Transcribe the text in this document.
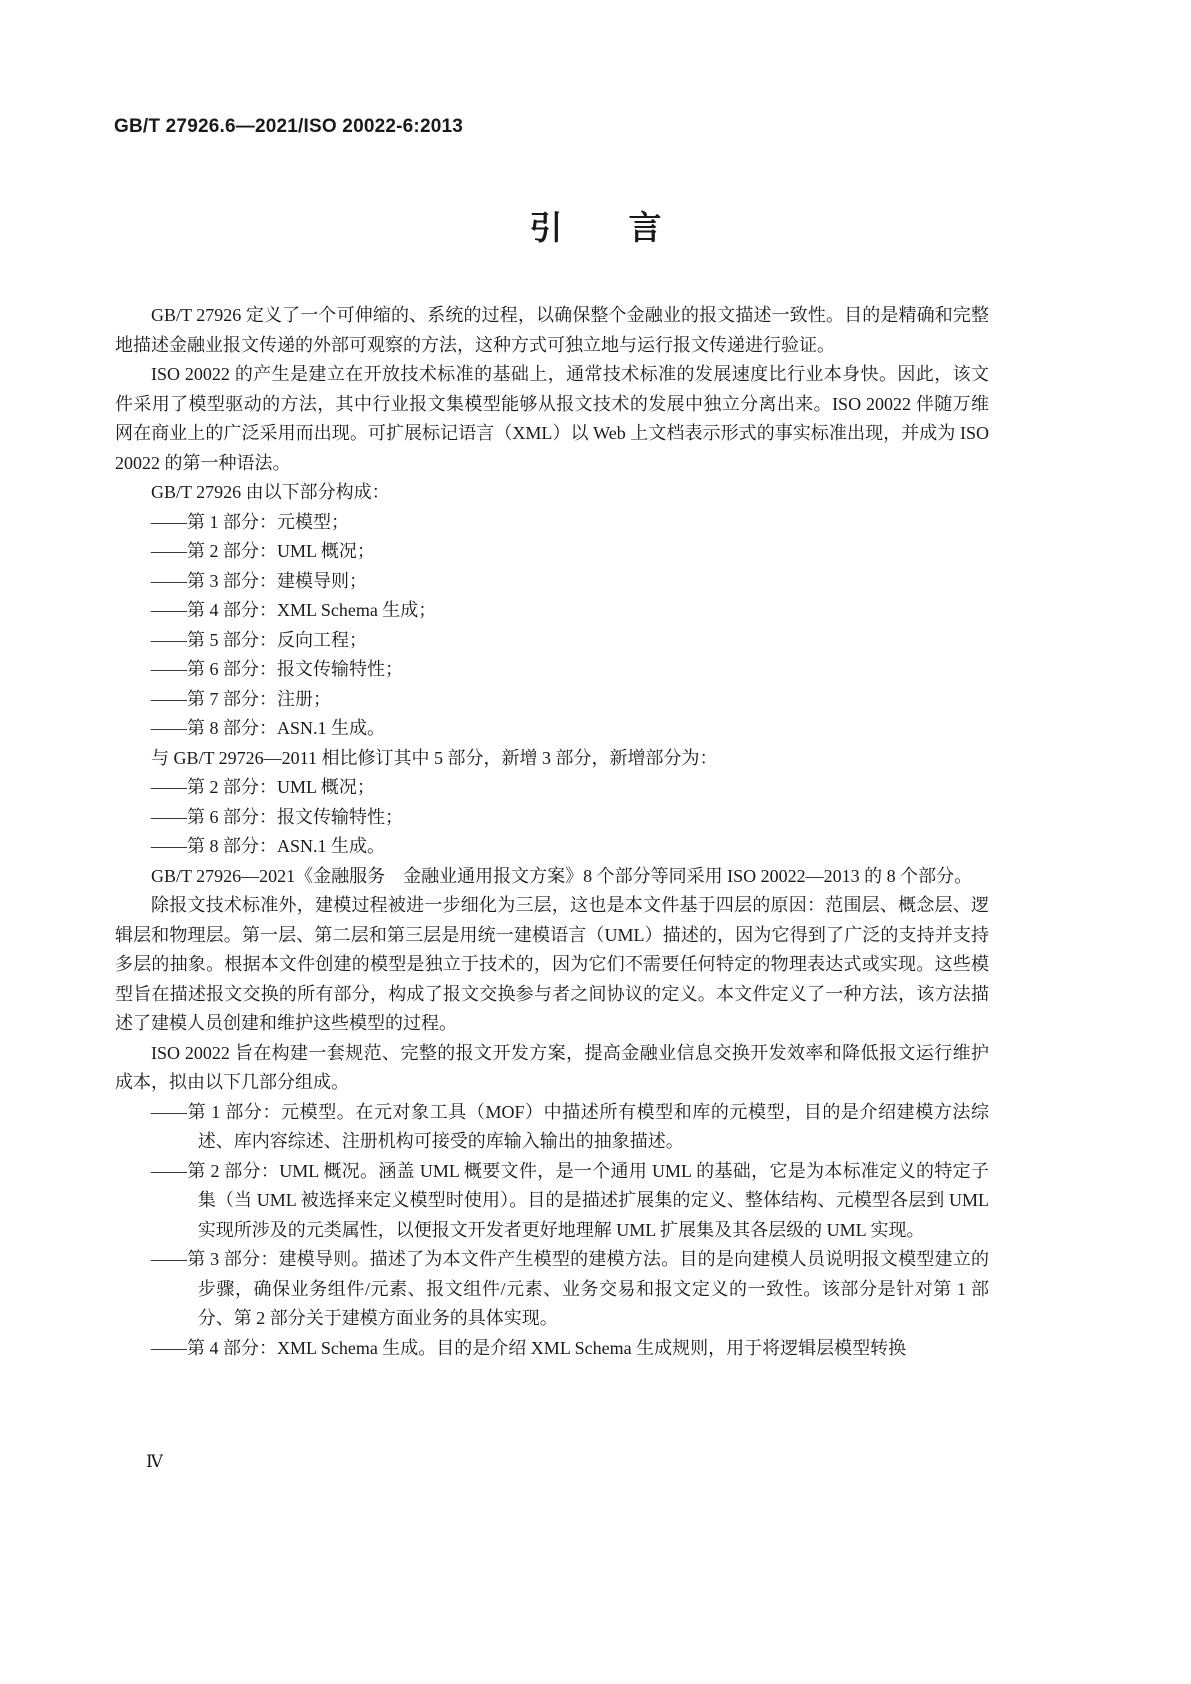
GB/T 27926.6—2021/ISO 20022-6:2013
引　　言

GB/T 27926 定义了一个可伸缩的、系统的过程，以确保整个金融业的报文描述一致性。目的是精确和完整地描述金融业报文传递的外部可观察的方法，这种方式可独立地与运行报文传递进行验证。

ISO 20022 的产生是建立在开放技术标准的基础上，通常技术标准的发展速度比行业本身快。因此，该文件采用了模型驱动的方法，其中行业报文集模型能够从报文技术的发展中独立分离出来。ISO 20022 伴随万维网在商业上的广泛采用而出现。可扩展标记语言（XML）以 Web 上文档表示形式的事实标准出现，并成为 ISO 20022 的第一种语法。

GB/T 27926 由以下部分构成：

——第 1 部分：元模型；

——第 2 部分：UML 概况；

——第 3 部分：建模导则；

——第 4 部分：XML Schema 生成；

——第 5 部分：反向工程；

——第 6 部分：报文传输特性；

——第 7 部分：注册；

——第 8 部分：ASN.1 生成。

与 GB/T 29726—2011 相比修订其中 5 部分，新增 3 部分，新增部分为：

——第 2 部分：UML 概况；

——第 6 部分：报文传输特性；

——第 8 部分：ASN.1 生成。

GB/T 27926—2021《金融服务　金融业通用报文方案》8 个部分等同采用 ISO 20022—2013 的 8 个部分。

除报文技术标准外，建模过程被进一步细化为三层，这也是本文件基于四层的原因：范围层、概念层、逻辑层和物理层。第一层、第二层和第三层是用统一建模语言（UML）描述的，因为它得到了广泛的支持并支持多层的抽象。根据本文件创建的模型是独立于技术的，因为它们不需要任何特定的物理表达式或实现。这些模型旨在描述报文交换的所有部分，构成了报文交换参与者之间协议的定义。本文件定义了一种方法，该方法描述了建模人员创建和维护这些模型的过程。

ISO 20022 旨在构建一套规范、完整的报文开发方案，提高金融业信息交换开发效率和降低报文运行维护成本，拟由以下几部分组成。

——第 1 部分：元模型。在元对象工具（MOF）中描述所有模型和库的元模型，目的是介绍建模方法综述、库内容综述、注册机构可接受的库输入输出的抽象描述。

——第 2 部分：UML 概况。涵盖 UML 概要文件，是一个通用 UML 的基础，它是为本标准定义的特定子集（当 UML 被选择来定义模型时使用）。目的是描述扩展集的定义、整体结构、元模型各层到 UML 实现所涉及的元类属性，以便报文开发者更好地理解 UML 扩展集及其各层级的 UML 实现。

——第 3 部分：建模导则。描述了为本文件产生模型的建模方法。目的是向建模人员说明报文模型建立的步骤，确保业务组件/元素、报文组件/元素、业务交易和报文定义的一致性。该部分是针对第 1 部分、第 2 部分关于建模方面业务的具体实现。

——第 4 部分：XML Schema 生成。目的是介绍 XML Schema 生成规则，用于将逻辑层模型转换

Ⅳ
